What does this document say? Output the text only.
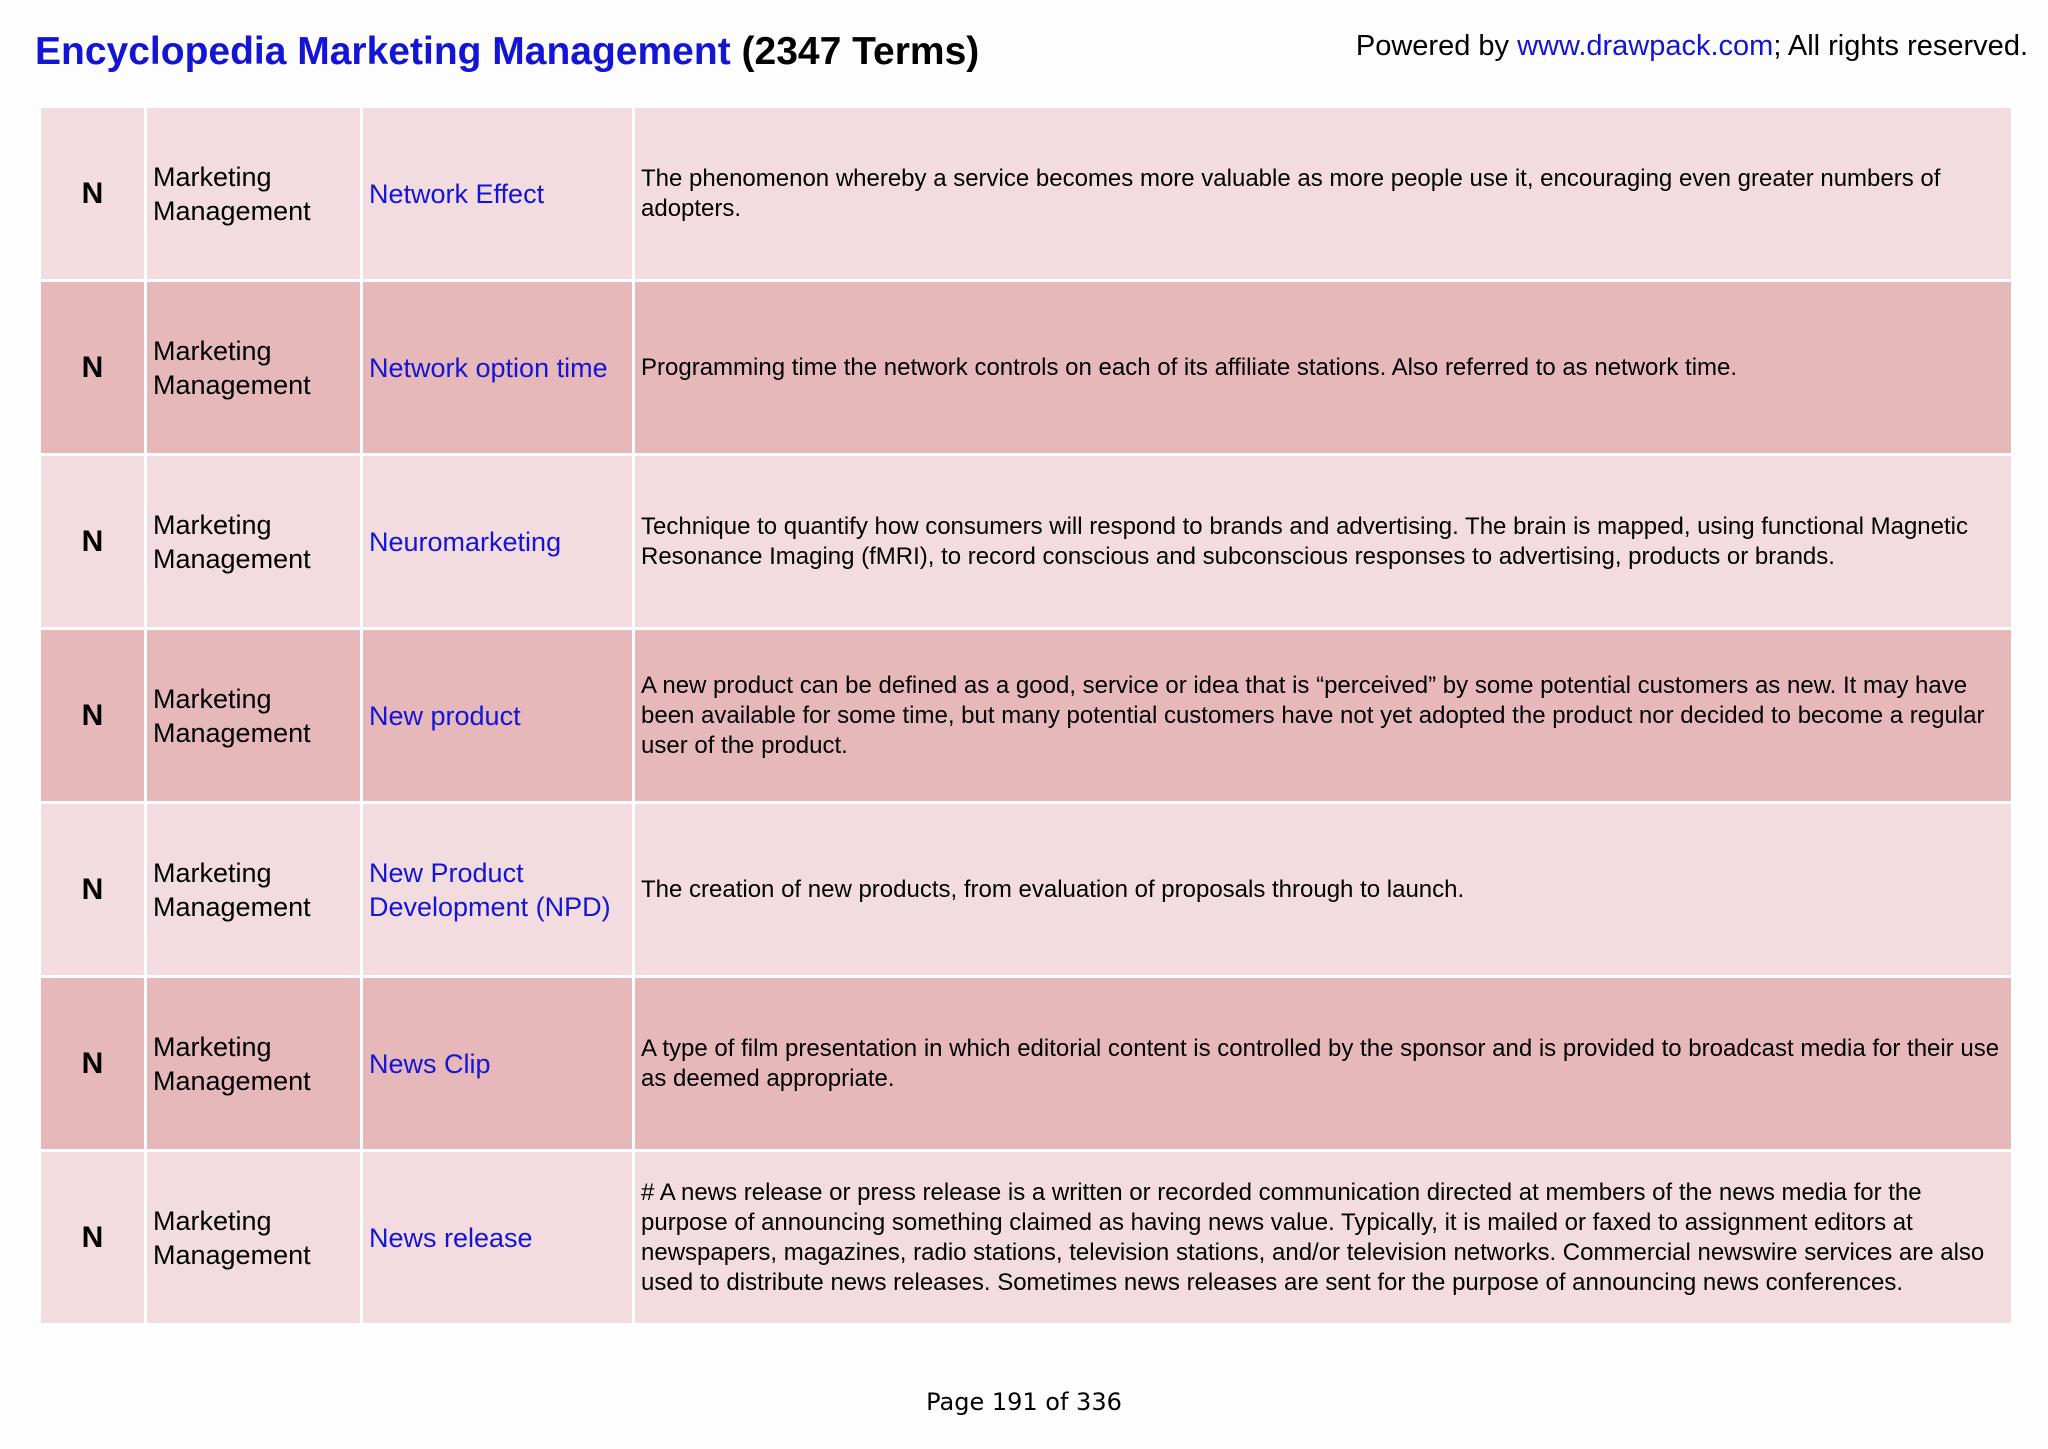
Encyclopedia Marketing Management (2347 Terms)	Powered by www.drawpack.com; All rights reserved.
N	Marketing Management	Network Effect	The phenomenon whereby a service becomes more valuable as more people use it, encouraging even greater numbers of adopters.
N	Marketing Management	Network option time	Programming time the network controls on each of its affiliate stations. Also referred to as network time.
N	Marketing Management	Neuromarketing	Technique to quantify how consumers will respond to brands and advertising. The brain is mapped, using functional Magnetic Resonance Imaging (fMRI), to record conscious and subconscious responses to advertising, products or brands.
N	Marketing Management	New product	A new product can be defined as a good, service or idea that is “perceived” by some potential customers as new. It may have been available for some time, but many potential customers have not yet adopted the product nor decided to become a regular user of the product.
N	Marketing Management	New Product Development (NPD)	The creation of new products, from evaluation of proposals through to launch.
N	Marketing Management	News Clip	A type of film presentation in which editorial content is controlled by the sponsor and is provided to broadcast media for their use as deemed appropriate.
N	Marketing Management	News release	# A news release or press release is a written or recorded communication directed at members of the news media for the purpose of announcing something claimed as having news value. Typically, it is mailed or faxed to assignment editors at newspapers, magazines, radio stations, television stations, and/or television networks. Commercial newswire services are also used to distribute news releases. Sometimes news releases are sent for the purpose of announcing news conferences.
Page 191 of 336
